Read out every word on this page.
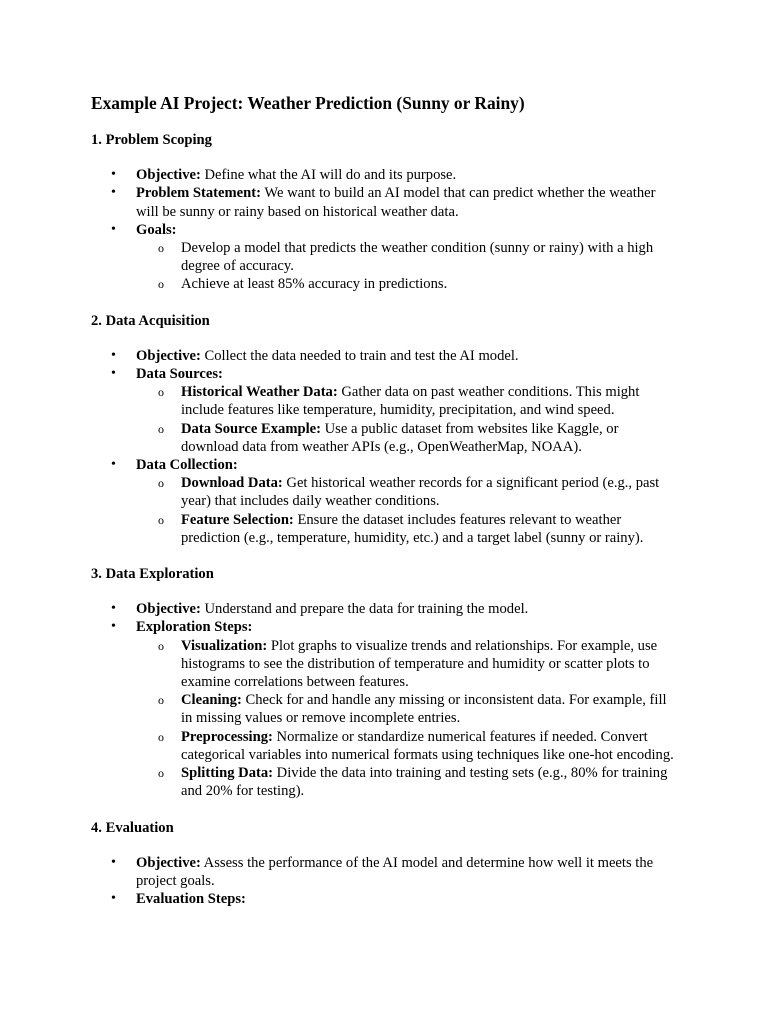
Example AI Project: Weather Prediction (Sunny or Rainy)
1. Problem Scoping
• Objective: Define what the AI will do and its purpose.
• Problem Statement: We want to build an AI model that can predict whether the weather will be sunny or rainy based on historical weather data.
• Goals:
o Develop a model that predicts the weather condition (sunny or rainy) with a high degree of accuracy.
o Achieve at least 85% accuracy in predictions.
2. Data Acquisition
• Objective: Collect the data needed to train and test the AI model.
• Data Sources:
o Historical Weather Data: Gather data on past weather conditions. This might include features like temperature, humidity, precipitation, and wind speed.
o Data Source Example: Use a public dataset from websites like Kaggle, or download data from weather APIs (e.g., OpenWeatherMap, NOAA).
• Data Collection:
o Download Data: Get historical weather records for a significant period (e.g., past year) that includes daily weather conditions.
o Feature Selection: Ensure the dataset includes features relevant to weather prediction (e.g., temperature, humidity, etc.) and a target label (sunny or rainy).
3. Data Exploration
• Objective: Understand and prepare the data for training the model.
• Exploration Steps:
o Visualization: Plot graphs to visualize trends and relationships. For example, use histograms to see the distribution of temperature and humidity or scatter plots to examine correlations between features.
o Cleaning: Check for and handle any missing or inconsistent data. For example, fill in missing values or remove incomplete entries.
o Preprocessing: Normalize or standardize numerical features if needed. Convert categorical variables into numerical formats using techniques like one-hot encoding.
o Splitting Data: Divide the data into training and testing sets (e.g., 80% for training and 20% for testing).
4. Evaluation
• Objective: Assess the performance of the AI model and determine how well it meets the project goals.
• Evaluation Steps:
